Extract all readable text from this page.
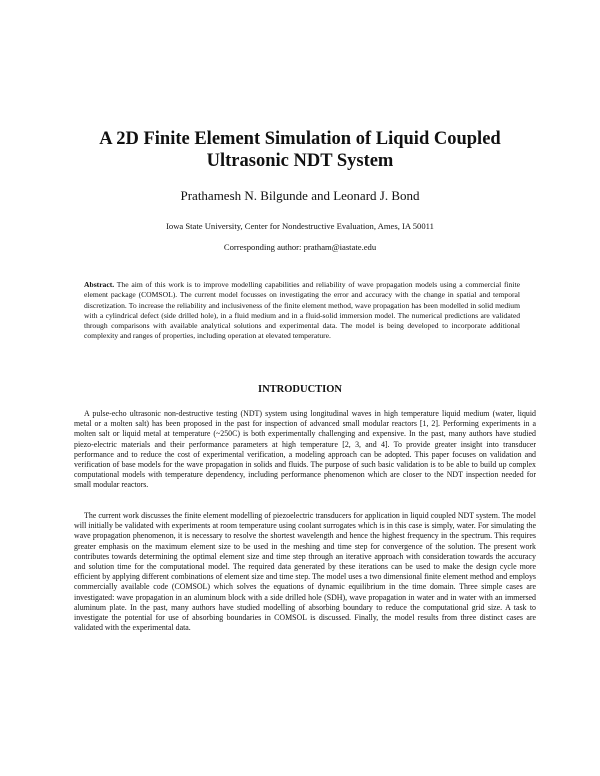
A 2D Finite Element Simulation of Liquid Coupled
Ultrasonic NDT System
Prathamesh N. Bilgunde and Leonard J. Bond
Iowa State University, Center for Nondestructive Evaluation, Ames, IA 50011
Corresponding author: pratham@iastate.edu
Abstract. The aim of this work is to improve modelling capabilities and reliability of wave propagation models using a commercial finite element package (COMSOL). The current model focusses on investigating the error and accuracy with the change in spatial and temporal discretization. To increase the reliability and inclusiveness of the finite element method, wave propagation has been modelled in solid medium with a cylindrical defect (side drilled hole), in a fluid medium and in a fluid-solid immersion model. The numerical predictions are validated through comparisons with available analytical solutions and experimental data. The model is being developed to incorporate additional complexity and ranges of properties, including operation at elevated temperature.
INTRODUCTION

A pulse-echo ultrasonic non-destructive testing (NDT) system using longitudinal waves in high temperature liquid medium (water, liquid metal or a molten salt) has been proposed in the past for inspection of advanced small modular reactors [1, 2]. Performing experiments in a molten salt or liquid metal at temperature (~250C) is both experimentally challenging and expensive. In the past, many authors have studied piezo-electric materials and their performance parameters at high temperature [2, 3, and 4]. To provide greater insight into transducer performance and to reduce the cost of experimental verification, a modeling approach can be adopted. This paper focuses on validation and verification of base models for the wave propagation in solids and fluids. The purpose of such basic validation is to be able to build up complex computational models with temperature dependency, including performance phenomenon which are closer to the NDT inspection needed for small modular reactors.

The current work discusses the finite element modelling of piezoelectric transducers for application in liquid coupled NDT system. The model will initially be validated with experiments at room temperature using coolant surrogates which is in this case is simply, water. For simulating the wave propagation phenomenon, it is necessary to resolve the shortest wavelength and hence the highest frequency in the spectrum. This requires greater emphasis on the maximum element size to be used in the meshing and time step for convergence of the solution. The present work contributes towards determining the optimal element size and time step through an iterative approach with consideration towards the accuracy and solution time for the computational model. The required data generated by these iterations can be used to make the design cycle more efficient by applying different combinations of element size and time step. The model uses a two dimensional finite element method and employs commercially available code (COMSOL) which solves the equations of dynamic equilibrium in the time domain. Three simple cases are investigated: wave propagation in an aluminum block with a side drilled hole (SDH), wave propagation in water and in water with an immersed aluminum plate. In the past, many authors have studied modelling of absorbing boundary to reduce the computational grid size. A task to investigate the potential for use of absorbing boundaries in COMSOL is discussed. Finally, the model results from three distinct cases are validated with the experimental data.
